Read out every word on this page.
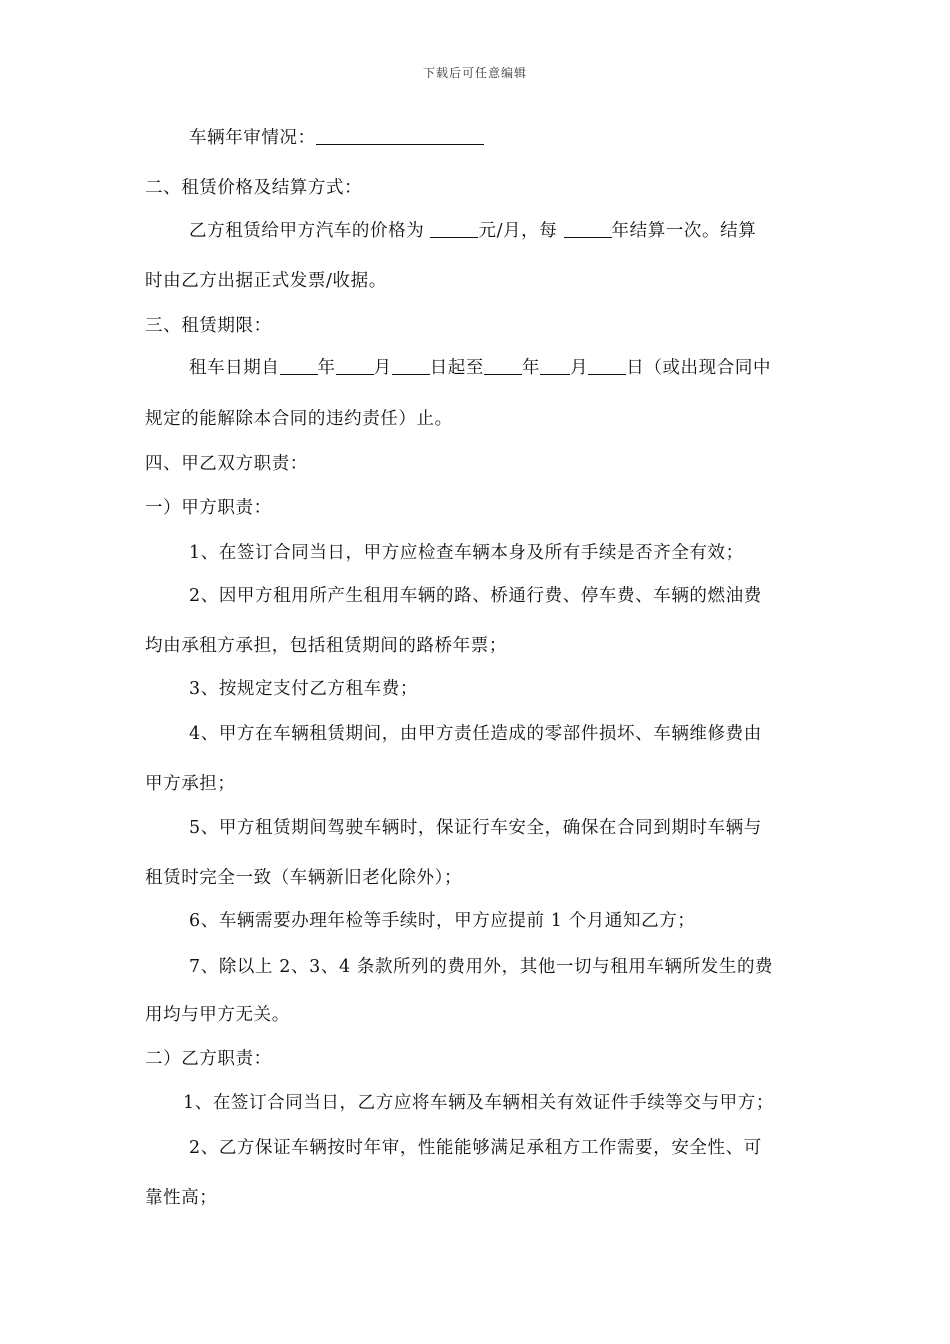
下载后可任意编辑
车辆年审情况：
二、租赁价格及结算方式：
乙方租赁给甲方汽车的价格为	元/月，每	年结算一次。结算
时由乙方出据正式发票/收据。
三、租赁期限：
租车日期自 年 月 日起至 年 月 日（或出现合同中
规定的能解除本合同的违约责任）止。
四、甲乙双方职责：
一）甲方职责：
1、在签订合同当日，甲方应检查车辆本身及所有手续是否齐全有效；
2、因甲方租用所产生租用车辆的路、桥通行费、停车费、车辆的燃油费
均由承租方承担，包括租赁期间的路桥年票；
3、按规定支付乙方租车费；
4、甲方在车辆租赁期间，由甲方责任造成的零部件损坏、车辆维修费由
甲方承担；
5、甲方租赁期间驾驶车辆时，保证行车安全，确保在合同到期时车辆与
租赁时完全一致（车辆新旧老化除外）；
6、车辆需要办理年检等手续时，甲方应提前 1 个月通知乙方；
7、除以上 2、3、4 条款所列的费用外，其他一切与租用车辆所发生的费
用均与甲方无关。
二）乙方职责：
1、在签订合同当日，乙方应将车辆及车辆相关有效证件手续等交与甲方；
2、乙方保证车辆按时年审，性能能够满足承租方工作需要，安全性、可
靠性高；
